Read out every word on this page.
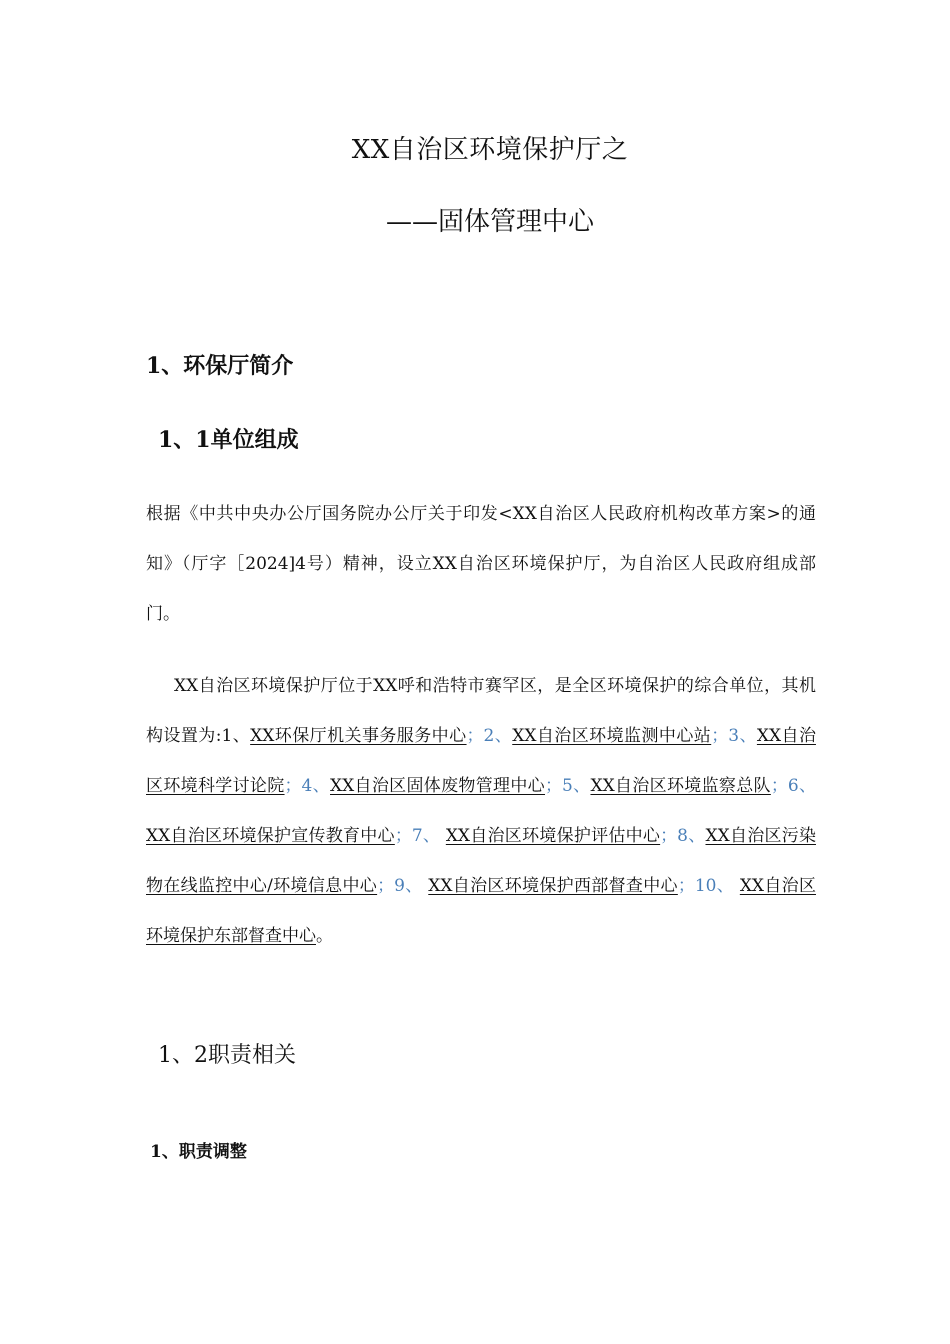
XX自治区环境保护厅之
——固体管理中心
1、环保厅简介
1、1单位组成

根据《中共中央办公厅国务院办公厅关于印发<XX自治区人民政府机构改革方案>的通知》（厅字［2024]4号）精神，设立XX自治区环境保护厅，为自治区人民政府组成部门。

XX自治区环境保护厅位于XX呼和浩特市赛罕区，是全区环境保护的综合单位，其机构设置为:1、XX环保厅机关事务服务中心；2、XX自治区环境监测中心站；3、XX自治区环境科学讨论院；4、XX自治区固体废物管理中心；5、XX自治区环境监察总队；6、 XX自治区环境保护宣传教育中心；7、 XX自治区环境保护评估中心；8、XX自治区污染物在线监控中心/环境信息中心；9、 XX自治区环境保护西部督查中心；10、 XX自治区环境保护东部督查中心。

1、2职责相关
1、职责调整
